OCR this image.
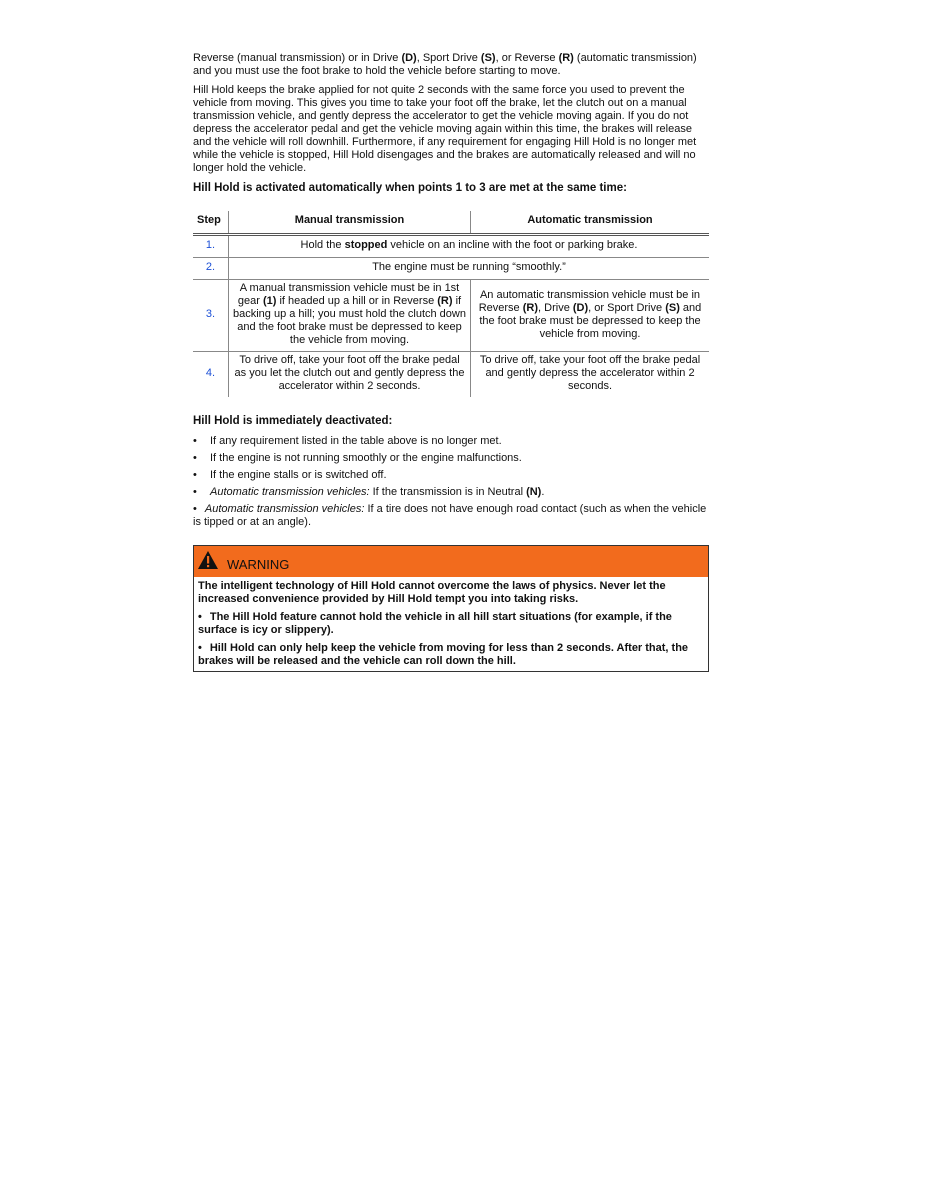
Reverse (manual transmission) or in Drive (D), Sport Drive (S), or Reverse (R) (automatic transmission) and you must use the foot brake to hold the vehicle before starting to move.

Hill Hold keeps the brake applied for not quite 2 seconds with the same force you used to prevent the vehicle from moving. This gives you time to take your foot off the brake, let the clutch out on a manual transmission vehicle, and gently depress the accelerator to get the vehicle moving again. If you do not depress the accelerator pedal and get the vehicle moving again within this time, the brakes will release and the vehicle will roll downhill. Furthermore, if any requirement for engaging Hill Hold is no longer met while the vehicle is stopped, Hill Hold disengages and the brakes are automatically released and will no longer hold the vehicle.

Hill Hold is activated automatically when points 1 to 3 are met at the same time:

Step	Manual transmission	Automatic transmission
1.	Hold the stopped vehicle on an incline with the foot or parking brake.	
2.	The engine must be running “smoothly.”	
3.	A manual transmission vehicle must be in 1st gear (1) if headed up a hill or in Reverse (R) if backing up a hill; you must hold the clutch down and the foot brake must be depressed to keep the vehicle from moving.	An automatic transmission vehicle must be in Reverse (R), Drive (D), or Sport Drive (S) and the foot brake must be depressed to keep the vehicle from moving.
4.	To drive off, take your foot off the brake pedal as you let the clutch out and gently depress the accelerator within 2 seconds.	To drive off, take your foot off the brake pedal and gently depress the accelerator within 2 seconds.

Hill Hold is immediately deactivated:

• If any requirement listed in the table above is no longer met.
• If the engine is not running smoothly or the engine malfunctions.
• If the engine stalls or is switched off.
• Automatic transmission vehicles: If the transmission is in Neutral (N).
• Automatic transmission vehicles: If a tire does not have enough road contact (such as when the vehicle is tipped or at an angle).
WARNING

The intelligent technology of Hill Hold cannot overcome the laws of physics. Never let the increased convenience provided by Hill Hold tempt you into taking risks.

• The Hill Hold feature cannot hold the vehicle in all hill start situations (for example, if the surface is icy or slippery).

• Hill Hold can only help keep the vehicle from moving for less than 2 seconds. After that, the brakes will be released and the vehicle can roll down the hill.
